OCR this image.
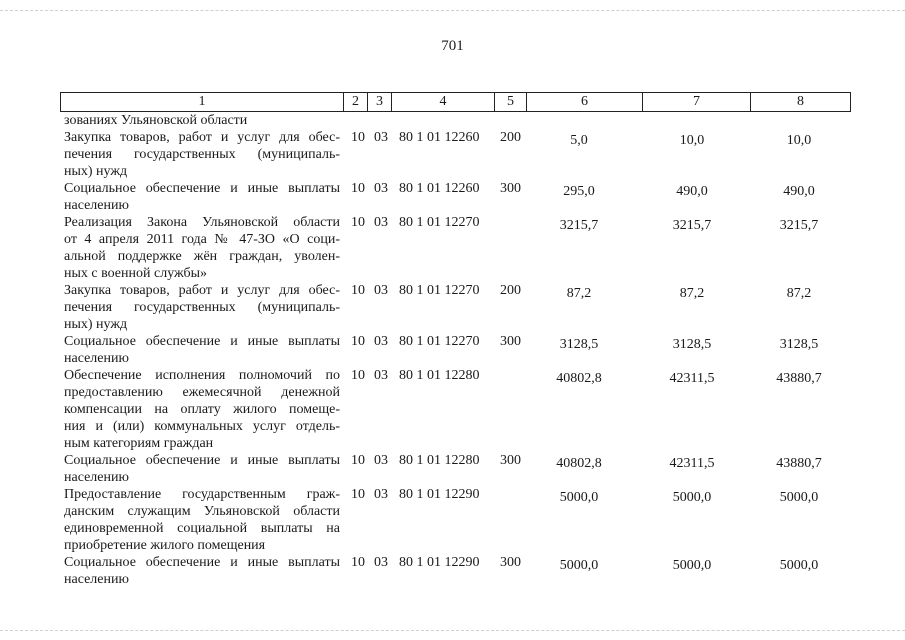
701
1	2	3	4	5	6	7	8
зованиях Ульяновской области
Закупка товаров, работ и услуг для обес-
печения государственных (муниципаль-
ных) нужд
10 03 80 1 01 12260 200	5,0	10,0	10,0
Социальное обеспечение и иные выплаты
населению
10 03 80 1 01 12260 300	295,0	490,0	490,0
Реализация Закона Ульяновской области
от 4 апреля 2011 года № 47-ЗО «О соци-
альной поддержке жён граждан, уволен-
ных с военной службы»
10 03 80 1 01 12270	3215,7	3215,7	3215,7
Закупка товаров, работ и услуг для обес-
печения государственных (муниципаль-
ных) нужд
10 03 80 1 01 12270 200	87,2	87,2	87,2
Социальное обеспечение и иные выплаты
населению
10 03 80 1 01 12270 300	3128,5	3128,5	3128,5
Обеспечение исполнения полномочий по
предоставлению ежемесячной денежной
компенсации на оплату жилого помеще-
ния и (или) коммунальных услуг отдель-
ным категориям граждан
10 03 80 1 01 12280	40802,8	42311,5	43880,7
Социальное обеспечение и иные выплаты
населению
10 03 80 1 01 12280 300	40802,8	42311,5	43880,7
Предоставление государственным граж-
данским служащим Ульяновской области
единовременной социальной выплаты на
приобретение жилого помещения
10 03 80 1 01 12290	5000,0	5000,0	5000,0
Социальное обеспечение и иные выплаты
населению
10 03 80 1 01 12290 300	5000,0	5000,0	5000,0
